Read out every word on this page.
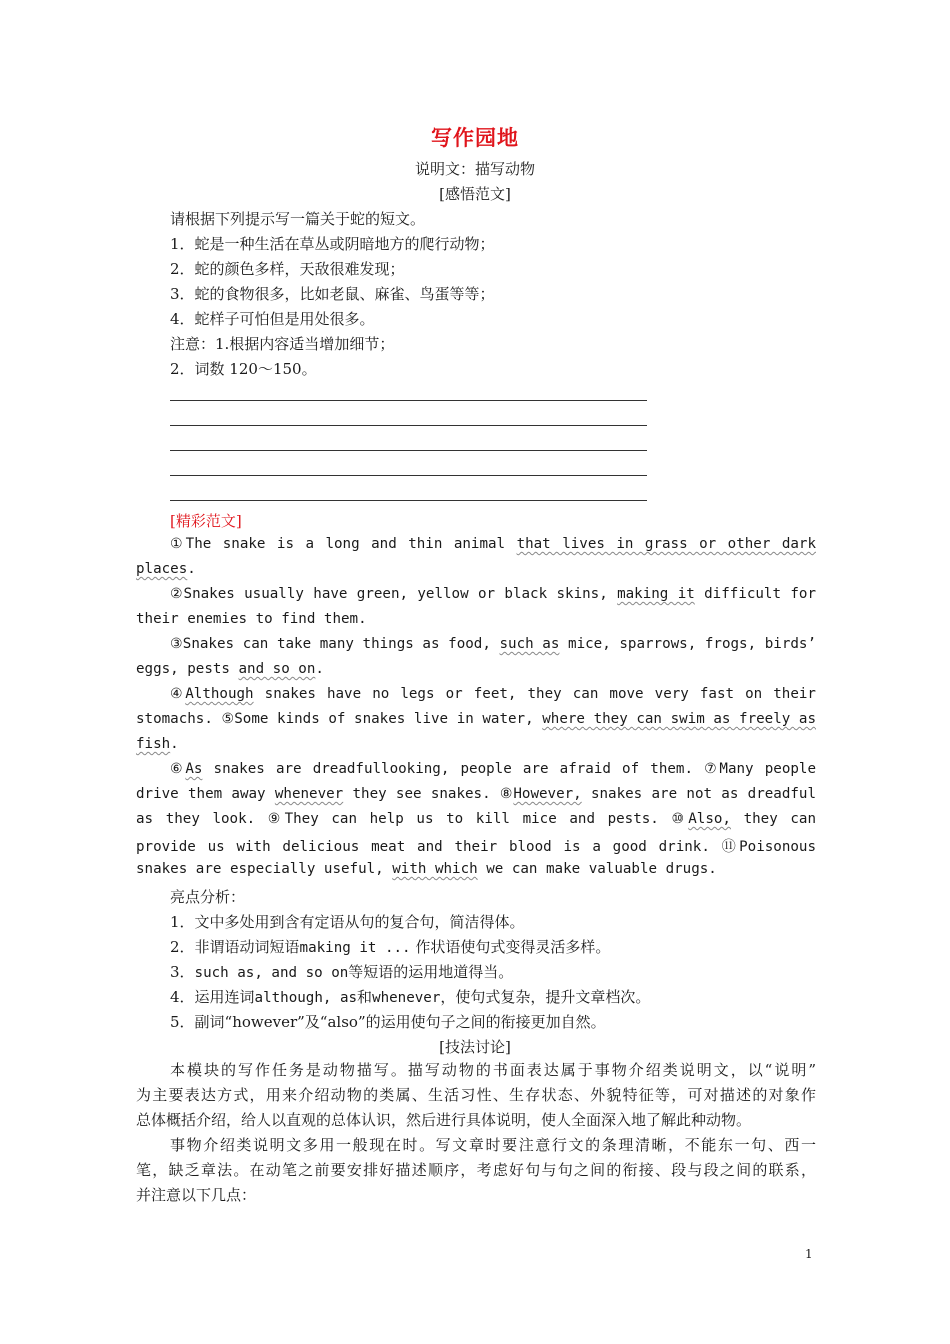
写作园地
说明文：描写动物
[感悟范文]
请根据下列提示写一篇关于蛇的短文。
1．蛇是一种生活在草丛或阴暗地方的爬行动物；
2．蛇的颜色多样，天敌很难发现；
3．蛇的食物很多，比如老鼠、麻雀、鸟蛋等等；
4．蛇样子可怕但是用处很多。
注意：1.根据内容适当增加细节；
2．词数 120～150。
[精彩范文]
①The snake is a long and thin animal that lives in grass or other dark
places.
②Snakes usually have green, yellow or black skins, making it difficult for
their enemies to find them.
③Snakes can take many things as food, such as mice, sparrows, frogs, birds’
eggs, pests and so on.
④Although snakes have no legs or feet, they can move very fast on their
stomachs. ⑤Some kinds of snakes live in water, where they can swim as freely as
fish.
⑥As snakes are dreadfullooking, people are afraid of them. ⑦Many people
drive them away whenever they see snakes. ⑧However, snakes are not as dreadful
as they look. ⑨They can help us to kill mice and pests. ⑩Also, they can
provide us with delicious meat and their blood is a good drink. ⑪Poisonous
snakes are especially useful, with which we can make valuable drugs.
亮点分析：
1．文中多处用到含有定语从句的复合句，简洁得体。
2．非谓语动词短语making it ... 作状语使句式变得灵活多样。
3．such as, and so on等短语的运用地道得当。
4．运用连词although, as和whenever，使句式复杂，提升文章档次。
5．副词“however”及“also”的运用使句子之间的衔接更加自然。
[技法讨论]
本模块的写作任务是动物描写。描写动物的书面表达属于事物介绍类说明文，以“说明”
为主要表达方式，用来介绍动物的类属、生活习性、生存状态、外貌特征等，可对描述的对象作
总体概括介绍，给人以直观的总体认识，然后进行具体说明，使人全面深入地了解此种动物。
事物介绍类说明文多用一般现在时。写文章时要注意行文的条理清晰，不能东一句、西一
笔，缺乏章法。在动笔之前要安排好描述顺序，考虑好句与句之间的衔接、段与段之间的联系，
并注意以下几点：
1
